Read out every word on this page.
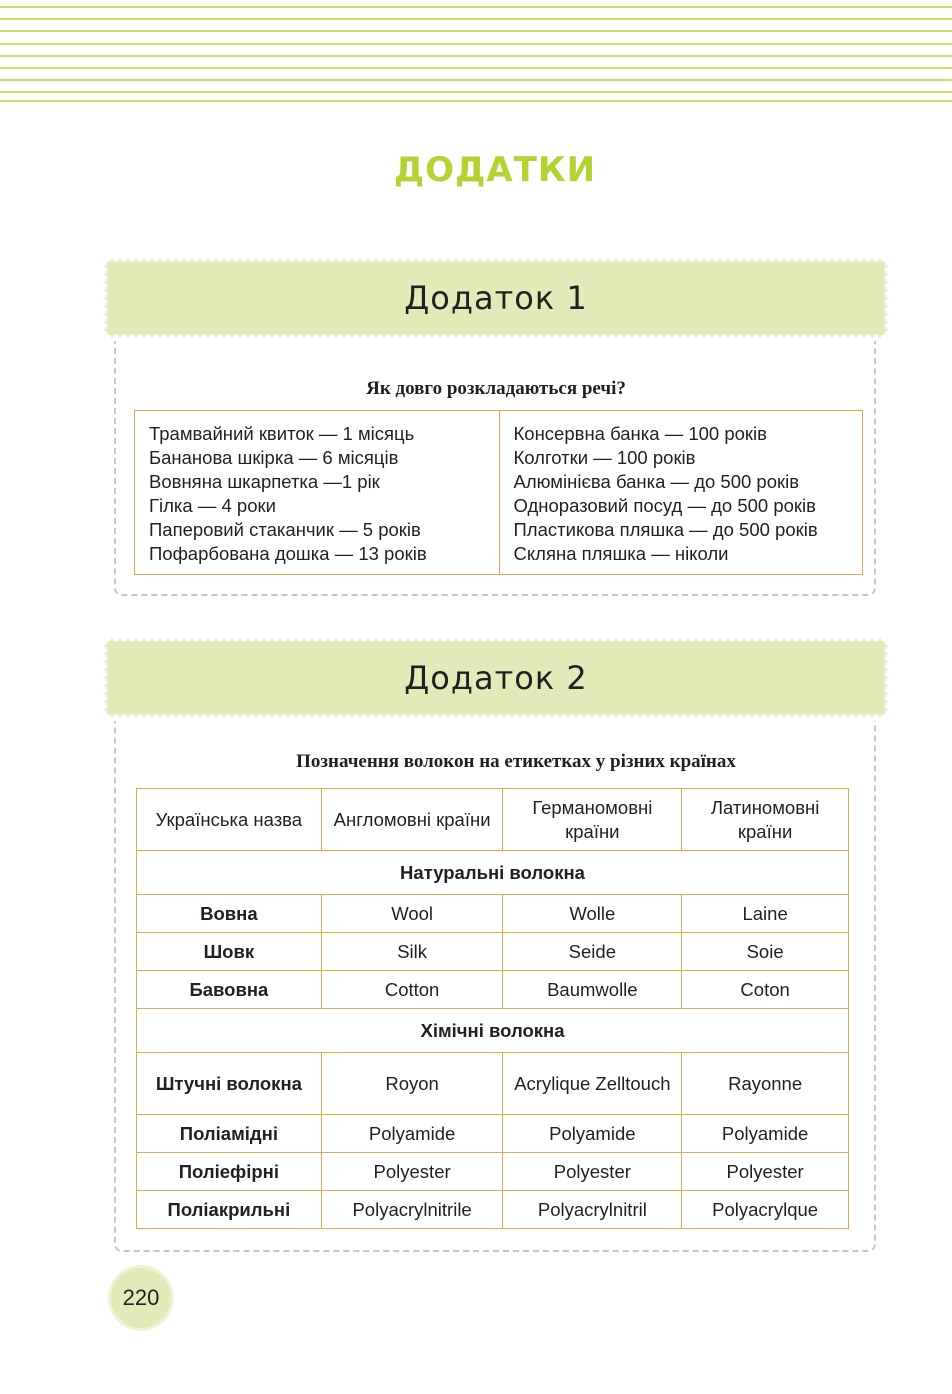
ДОДАТКИ
Додаток 1
Як довго розкладаються речі?
Трамвайний квиток — 1 місяць
Бананова шкірка — 6 місяців
Вовняна шкарпетка —1 рік
Гілка — 4 роки
Паперовий стаканчик — 5 років
Пофарбована дошка — 13 років
Консервна банка — 100 років
Колготки — 100 років
Алюмінієва банка — до 500 років
Одноразовий посуд — до 500 років
Пластикова пляшка — до 500 років
Скляна пляшка — ніколи
Додаток 2
Позначення волокон на етикетках у різних країнах
Українська назва	Англомовні країни	Германомовні країни	Латиномовні країни
Натуральні волокна			
Вовна	Wool	Wolle	Laine
Шовк	Silk	Seide	Soie
Бавовна	Cotton	Baumwolle	Coton
Хімічні волокна			
Штучні волокна	Royon	Acrylique Zelltouch	Rayonne
Поліамідні	Polyamide	Polyamide	Polyamide
Поліефірні	Polyester	Polyester	Polyester
Поліакрильні	Polyacrylnitrile	Polyacrylnitril	Polyacrylque
220
